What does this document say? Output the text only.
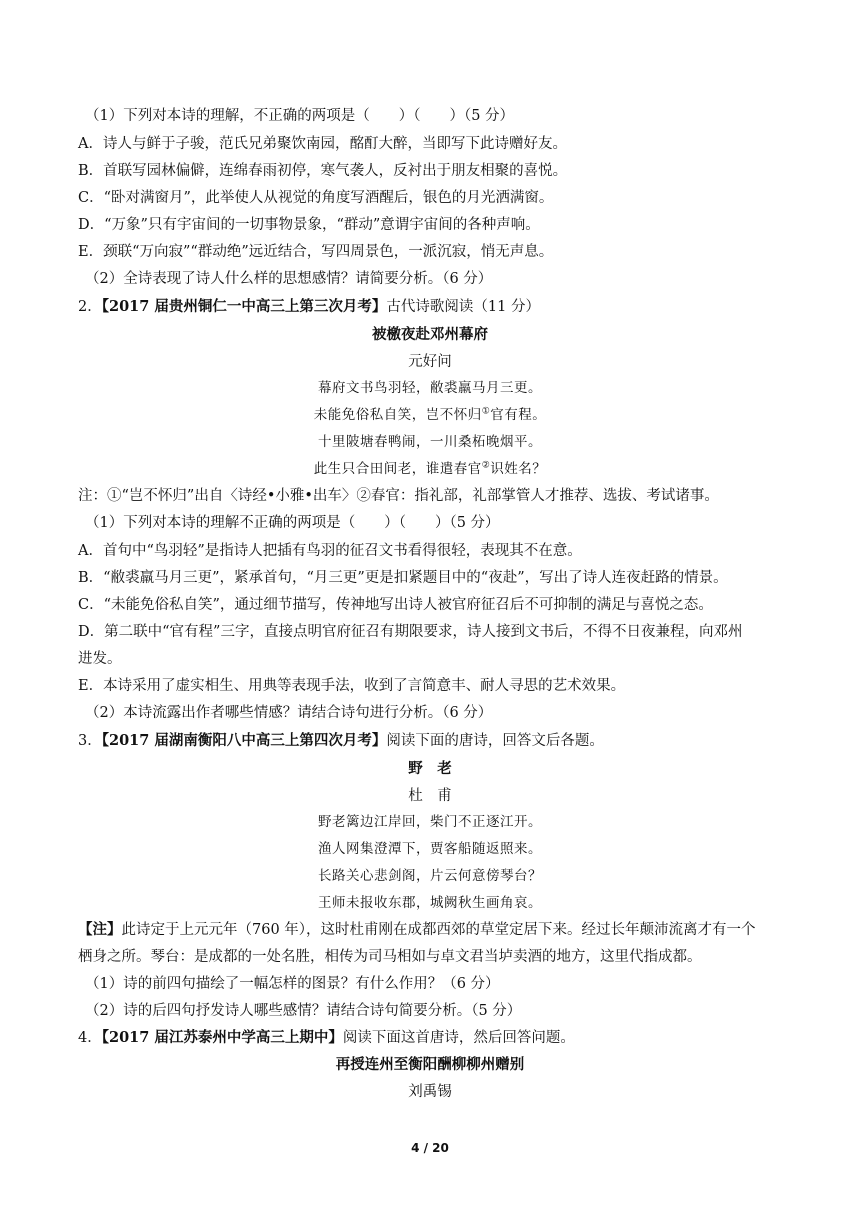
（1）下列对本诗的理解，不正确的两项是（　　）（　　）（5 分）
A．诗人与鲜于子骏，范氏兄弟聚饮南园，酩酊大醉，当即写下此诗赠好友。
B．首联写园林偏僻，连绵春雨初停，寒气袭人，反衬出于朋友相聚的喜悦。
C．“卧对满窗月”，此举使人从视觉的角度写酒醒后，银色的月光洒满窗。
D．“万象”只有宇宙间的一切事物景象，“群动”意谓宇宙间的各种声响。
E．颈联“万向寂”“群动绝”远近结合，写四周景色，一派沉寂，悄无声息。
（2）全诗表现了诗人什么样的思想感情？请简要分析。（6 分）
2．【2017 届贵州铜仁一中高三上第三次月考】古代诗歌阅读（11 分）
被檄夜赴邓州幕府
元好问
幕府文书鸟羽轻，敝裘羸马月三更。
未能免俗私自笑，岂不怀归①官有程。
十里陂塘春鸭闹，一川桑柘晚烟平。
此生只合田间老，谁遣春官②识姓名？
注：①“岂不怀归”出自〈诗经•小雅•出车〉②春官：指礼部，礼部掌管人才推荐、选拔、考试诸事。
（1）下列对本诗的理解不正确的两项是（　　）（　　）（5 分）
A．首句中“鸟羽轻”是指诗人把插有鸟羽的征召文书看得很轻，表现其不在意。
B．“敝裘羸马月三更”，紧承首句，“月三更”更是扣紧题目中的“夜赴”，写出了诗人连夜赶路的情景。
C．“未能免俗私自笑”，通过细节描写，传神地写出诗人被官府征召后不可抑制的满足与喜悦之态。
D．第二联中“官有程”三字，直接点明官府征召有期限要求，诗人接到文书后，不得不日夜兼程，向邓州
进发。
E．本诗采用了虚实相生、用典等表现手法，收到了言简意丰、耐人寻思的艺术效果。
（2）本诗流露出作者哪些情感？请结合诗句进行分析。（6 分）
3．【2017 届湖南衡阳八中高三上第四次月考】阅读下面的唐诗，回答文后各题。
野　老
杜　甫
野老篱边江岸回，柴门不正逐江开。
渔人网集澄潭下，贾客船随返照来。
长路关心悲剑阁，片云何意傍琴台？
王师未报收东郡，城阙秋生画角哀。
【注】此诗定于上元元年（760 年），这时杜甫刚在成都西郊的草堂定居下来。经过长年颠沛流离才有一个
栖身之所。琴台：是成都的一处名胜，相传为司马相如与卓文君当垆卖酒的地方，这里代指成都。
（1）诗的前四句描绘了一幅怎样的图景？有什么作用？（6 分）
（2）诗的后四句抒发诗人哪些感情？请结合诗句简要分析。（5 分）
4．【2017 届江苏泰州中学高三上期中】阅读下面这首唐诗，然后回答问题。
再授连州至衡阳酬柳柳州赠别
刘禹锡
4 / 20
